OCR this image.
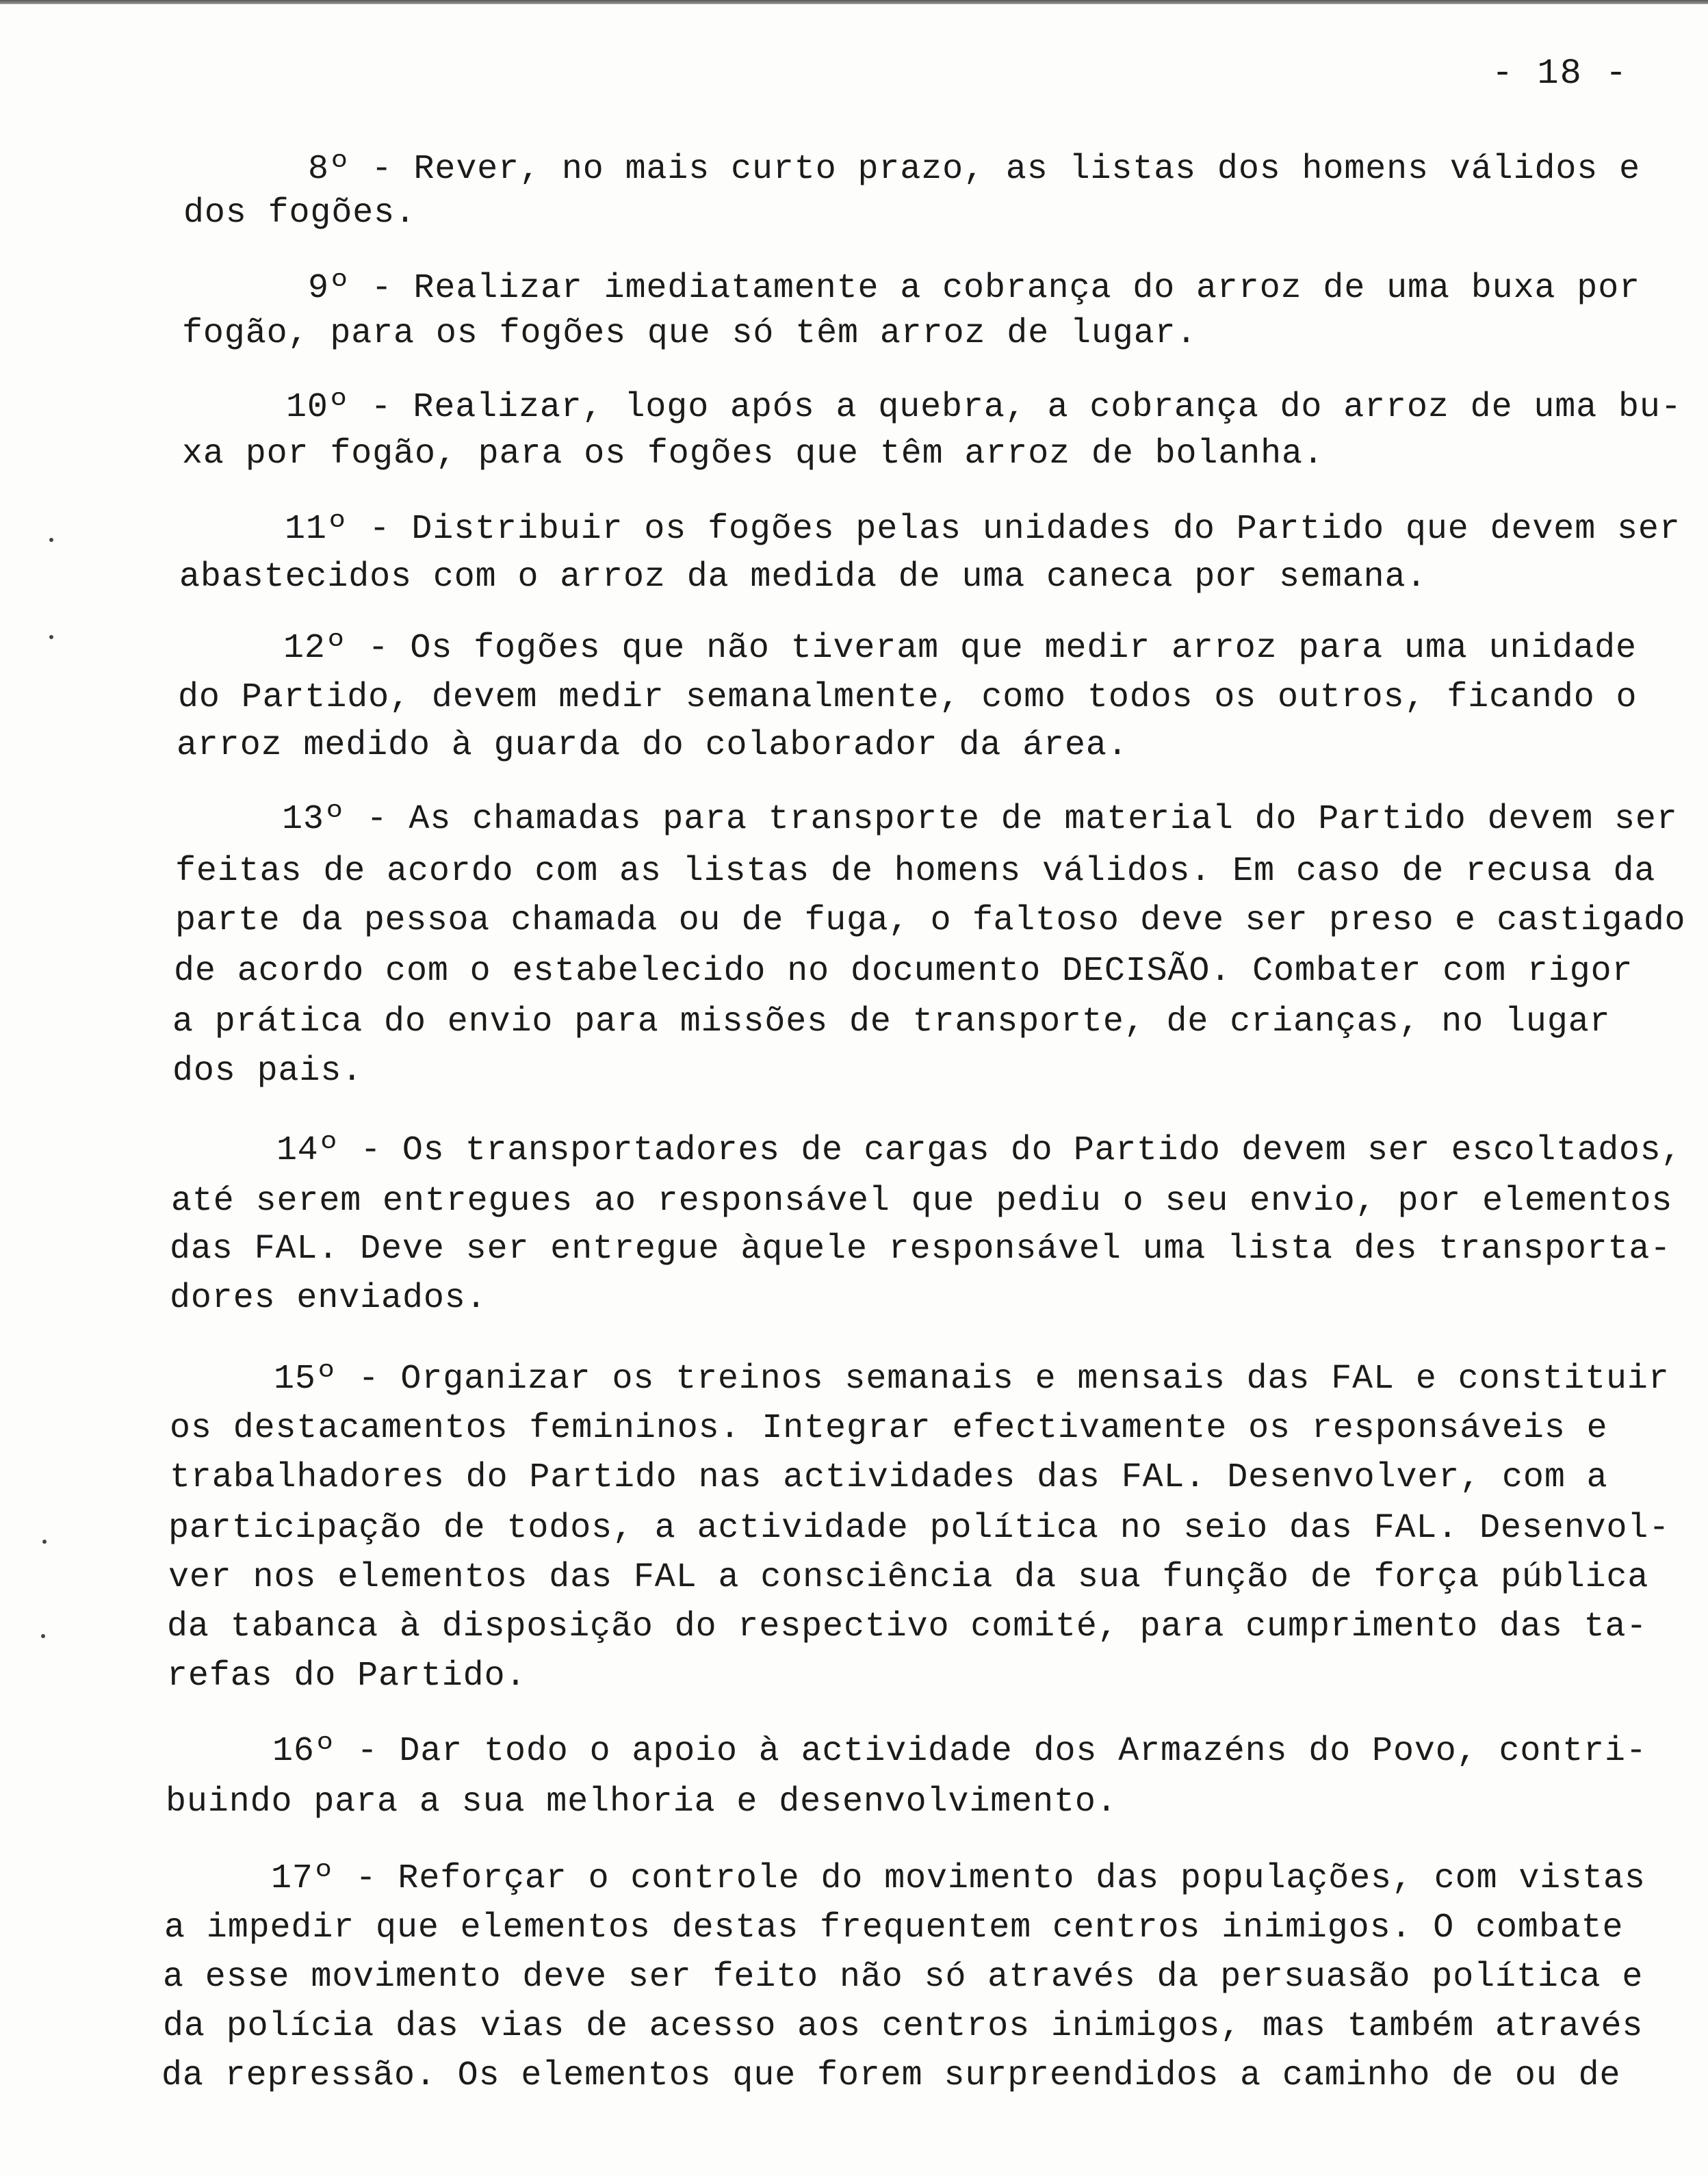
- 18 -
8º - Rever, no mais curto prazo, as listas dos homens válidos e
dos fogões.
9º - Realizar imediatamente a cobrança do arroz de uma buxa por
fogão, para os fogões que só têm arroz de lugar.
10º - Realizar, logo após a quebra, a cobrança do arroz de uma bu-
xa por fogão, para os fogões que têm arroz de bolanha.
11º - Distribuir os fogões pelas unidades do Partido que devem ser
abastecidos com o arroz da medida de uma caneca por semana.
12º - Os fogões que não tiveram que medir arroz para uma unidade
do Partido, devem medir semanalmente, como todos os outros, ficando o
arroz medido à guarda do colaborador da área.
13º - As chamadas para transporte de material do Partido devem ser
feitas de acordo com as listas de homens válidos. Em caso de recusa da
parte da pessoa chamada ou de fuga, o faltoso deve ser preso e castigado
de acordo com o estabelecido no documento DECISÃO. Combater com rigor
a prática do envio para missões de transporte, de crianças, no lugar
dos pais.
14º - Os transportadores de cargas do Partido devem ser escoltados,
até serem entregues ao responsável que pediu o seu envio, por elementos
das FAL. Deve ser entregue àquele responsável uma lista des transporta-
dores enviados.
15º - Organizar os treinos semanais e mensais das FAL e constituir
os destacamentos femininos. Integrar efectivamente os responsáveis e
trabalhadores do Partido nas actividades das FAL. Desenvolver, com a
participação de todos, a actividade política no seio das FAL. Desenvol-
ver nos elementos das FAL a consciência da sua função de força pública
da tabanca à disposição do respectivo comité, para cumprimento das ta-
refas do Partido.
16º - Dar todo o apoio à actividade dos Armazéns do Povo, contri-
buindo para a sua melhoria e desenvolvimento.
17º - Reforçar o controle do movimento das populações, com vistas
a impedir que elementos destas frequentem centros inimigos. O combate
a esse movimento deve ser feito não só através da persuasão política e
da polícia das vias de acesso aos centros inimigos, mas também através
da repressão. Os elementos que forem surpreendidos a caminho de ou de
